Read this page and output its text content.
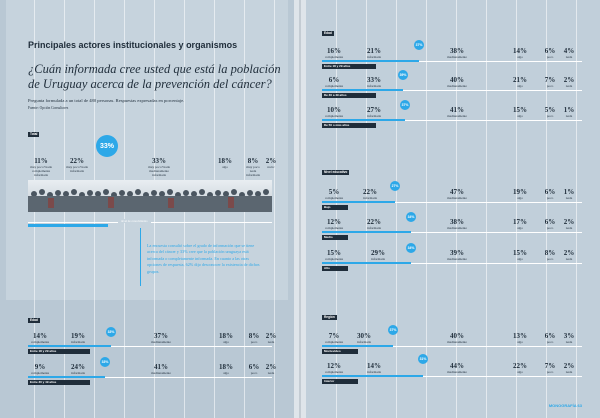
Principales actores institucionales y organismos
¿Cuán informada cree usted que está la población de Uruguay acerca de la prevención del cáncer?
Pregunta formulada a un total de 480 personas. Respuestas expresadas en porcentaje.
Fuente: Opción Consultores
Total
33%
11%
muy poco+nada complemente informada
22%
muy poco+nada informada
33%
muy poco+nada medianamente informada
18%
algo
8%
muy poco nada informada
2%
ns/nc
nivel de conocimiento
La encuesta consultó sobre el grado de información que se tiene acerca del cáncer y 33% cree que la población uruguaya está informada o completamente informada. En cuanto a las otras opciones de respuesta, 62% dijo desconocer la existencia de dichos grupos.
Edad
33%
14%
complemente
19%
informada
37%
medianamente
18%
algo
8%
poco
2%
nada
Entre 18 y 29 años
33%
9%
complemente
24%
informada
41%
medianamente
18%
algo
6%
poco
2%
nada
Entre 30 y 49 años
Edad
37%
16%
complemente
21%
informada
38%
medianamente
14%
algo
6%
poco
4%
nada
Entre 18 y 29 años
39%
6%
complemente
33%
informada
40%
medianamente
21%
algo
7%
poco
2%
nada
De 30 a 49 años
37%
10%
complemente
27%
informada
41%
medianamente
15%
algo
5%
poco
1%
nada
De 50 o más años
Nivel educativo
27%
5%
complemente
22%
informada
47%
medianamente
19%
algo
6%
poco
1%
nada
Bajo
34%
12%
complemente
22%
informada
38%
medianamente
17%
algo
6%
poco
2%
nada
Medio
34%
15%
complemente
29%
informada
39%
medianamente
15%
algo
8%
poco
2%
nada
Alto
Región
37%
7%
complemente
30%
informada
40%
medianamente
13%
algo
6%
poco
3%
nada
Montevideo
31%
12%
complemente
14%
informada
44%
medianamente
22%
algo
7%
poco
2%
nada
Interior
MONOGRAFÍA 63
